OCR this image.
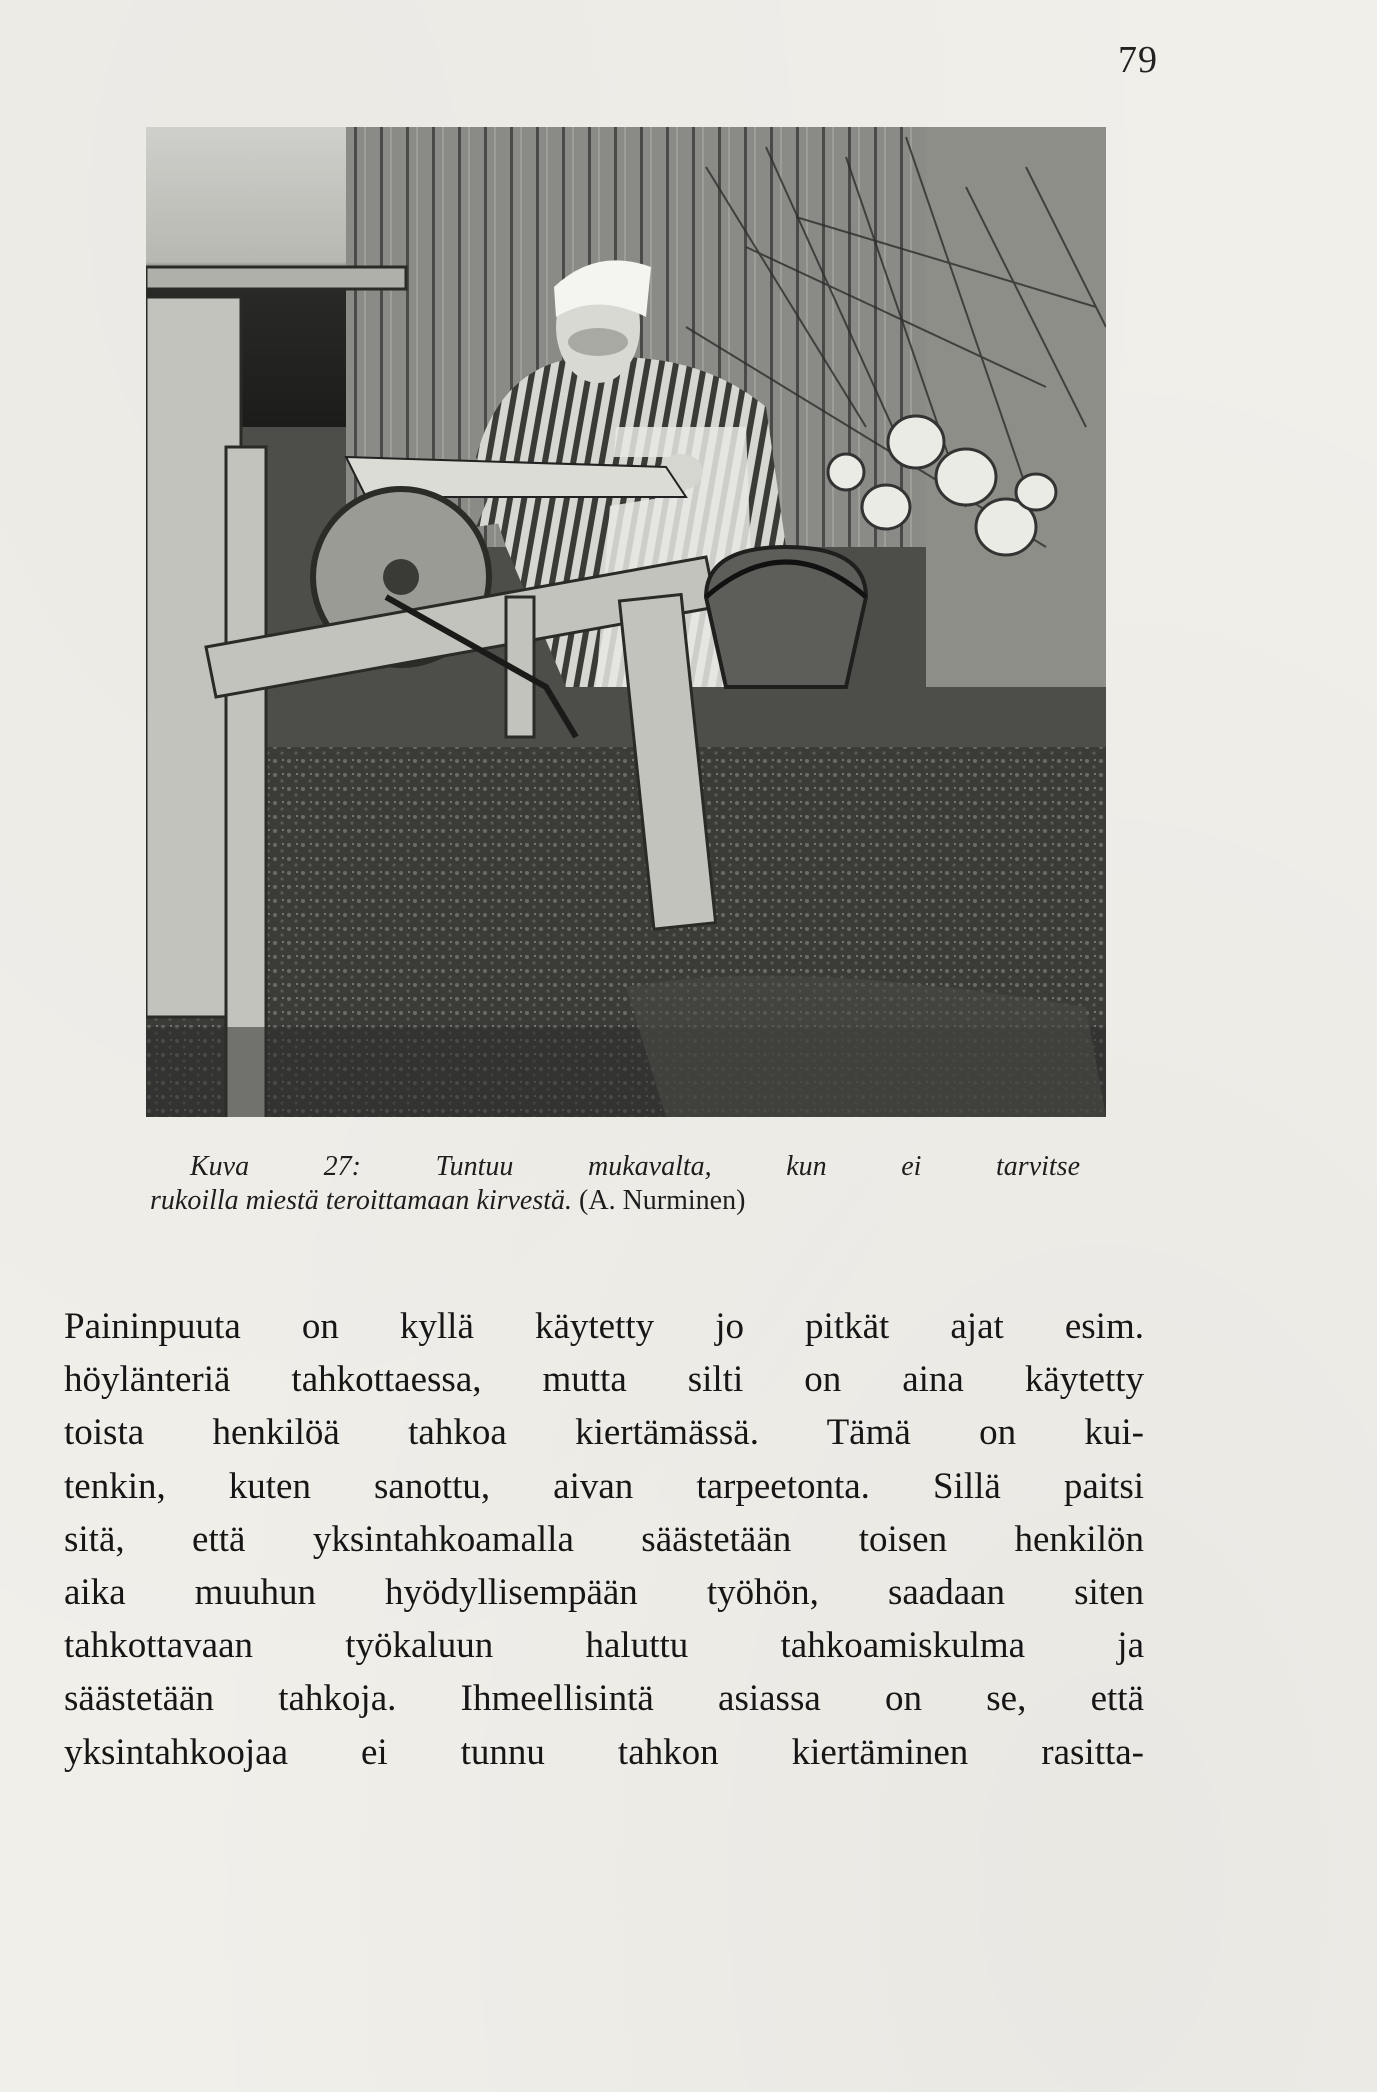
79
Kuva 27:	Tuntuu mukavalta, kun ei tarvitse
rukoilla miestä teroittamaan kirvestä. (A. Nurminen)
Paininpuuta on kyllä käytetty jo pitkät ajat esim.
höylänteriä tahkottaessa, mutta silti on aina käytetty
toista henkilöä tahkoa kiertämässä. Tämä on kui-
tenkin, kuten sanottu, aivan tarpeetonta. Sillä paitsi
sitä, että yksintahkoamalla säästetään toisen henkilön
aika muuhun hyödyllisempään työhön, saadaan siten
tahkottavaan työkaluun haluttu tahkoamiskulma ja
säästetään tahkoja. Ihmeellisintä asiassa on se, että
yksintahkoojaa ei tunnu tahkon kiertäminen rasitta-
